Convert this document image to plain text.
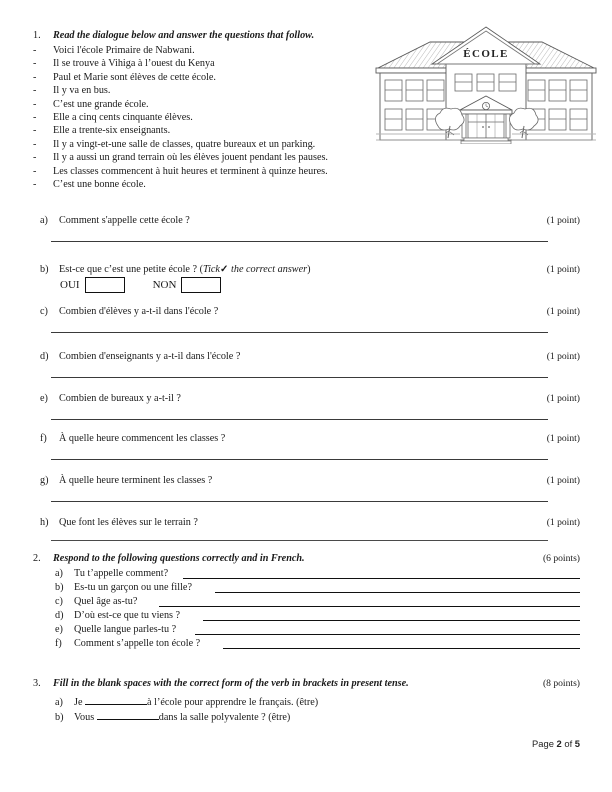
1. Read the dialogue below and answer the questions that follow.
- Voici l'école Primaire de Nabwani.
- Il se trouve à Vihiga à l’ouest du Kenya
- Paul et Marie sont élèves de cette école.
- Il y va en bus.
- C’est une grande école.
- Elle a cinq cents cinquante élèves.
- Elle a trente-six enseignants.
- Il y a vingt-et-une salle de classes, quatre bureaux et un parking.
- Il y a aussi un grand terrain où les élèves jouent pendant les pauses.
- Les classes commencent à huit heures et terminent à quinze heures.
- C’est une bonne école.
ÉCOLE
a) Comment s'appelle cette école ?	(1 point)
b) Est-ce que c’est une petite école ? (Tick✓ the correct answer)	(1 point)
c) Combien d'élèves y a-t-il dans l'école ?	(1 point)
d) Combien d'enseignants y a-t-il dans l'école ?	(1 point)
e) Combien de bureaux y a-t-il ?	(1 point)
f) À quelle heure commencent les classes ?	(1 point)
g) À quelle heure terminent les classes ?	(1 point)
h) Que font les élèves sur le terrain ?	(1 point)
OUI	NON
2. Respond to the following questions correctly and in French.	(6 points)
a) Tu t’appelle comment?
b) Es-tu un garçon ou une fille?
c) Quel âge as-tu?
d) D’où est-ce que tu viens ?
e) Quelle langue parles-tu ?
f) Comment s’appelle ton école ?
3. Fill in the blank spaces with the correct form of the verb in brackets in present tense.	(8 points)
a) Je	à l’école pour apprendre le français. (être)
b) Vous	dans la salle polyvalente ? (être)
Page 2 of 5
